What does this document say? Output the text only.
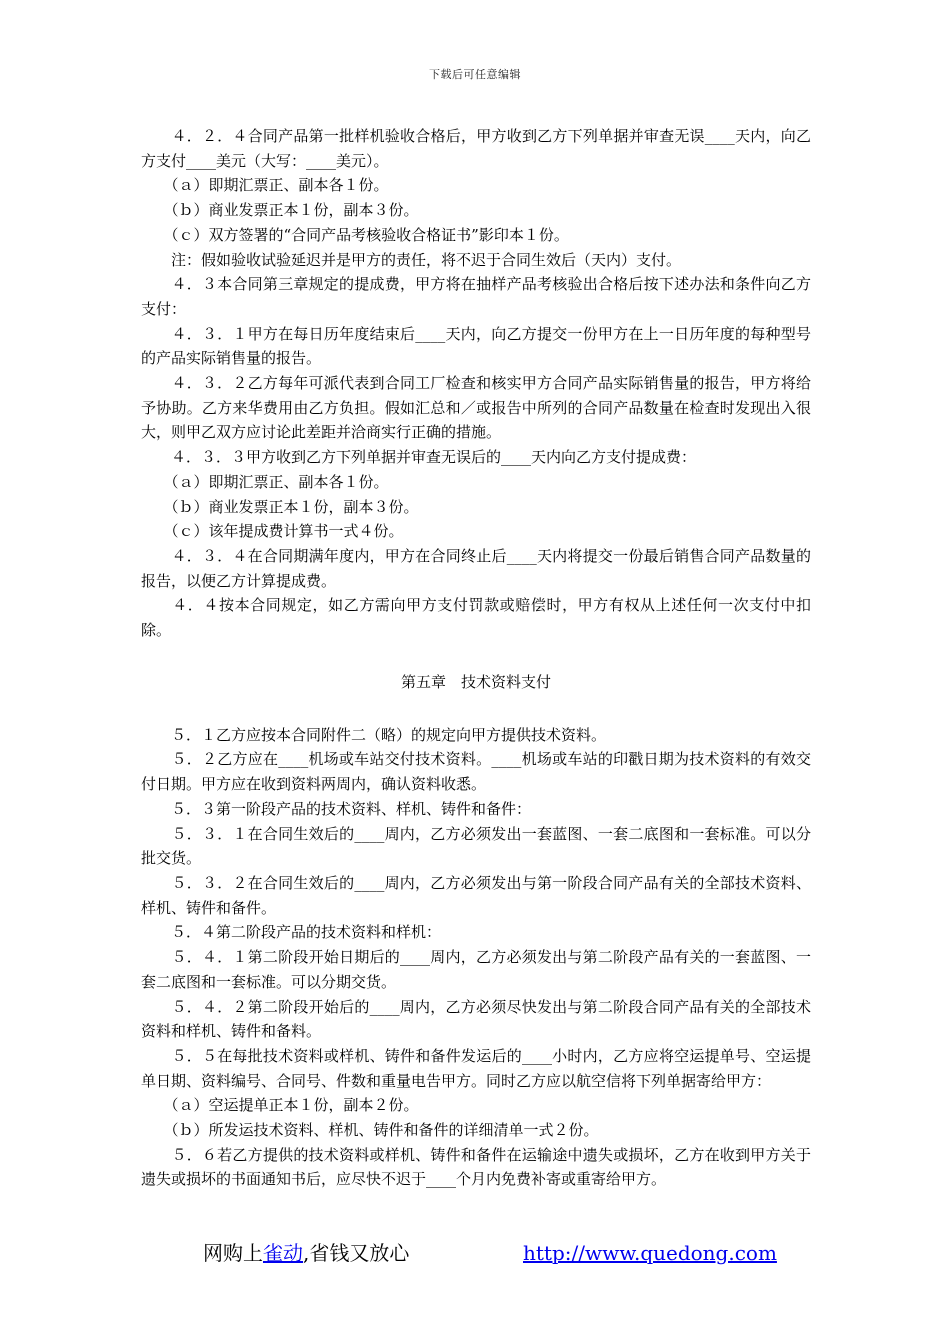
下载后可任意编辑

　　４．２．４合同产品第一批样机验收合格后，甲方收到乙方下列单据并审查无误____天内，向乙方支付____美元（大写：____美元）。

　　（ａ）即期汇票正、副本各１份。

　　（ｂ）商业发票正本１份，副本３份。

　　（ｃ）双方签署的“合同产品考核验收合格证书”影印本１份。

　　注：假如验收试验延迟并是甲方的责任，将不迟于合同生效后（天内）支付。

　　４．３本合同第三章规定的提成费，甲方将在抽样产品考核验出合格后按下述办法和条件向乙方支付：

　　４．３．１甲方在每日历年度结束后____天内，向乙方提交一份甲方在上一日历年度的每种型号的产品实际销售量的报告。

　　４．３．２乙方每年可派代表到合同工厂检查和核实甲方合同产品实际销售量的报告，甲方将给予协助。乙方来华费用由乙方负担。假如汇总和／或报告中所列的合同产品数量在检查时发现出入很大，则甲乙双方应讨论此差距并洽商实行正确的措施。

　　４．３．３甲方收到乙方下列单据并审查无误后的____天内向乙方支付提成费：

　　（ａ）即期汇票正、副本各１份。

　　（ｂ）商业发票正本１份，副本３份。

　　（ｃ）该年提成费计算书一式４份。

　　４．３．４在合同期满年度内，甲方在合同终止后____天内将提交一份最后销售合同产品数量的报告，以便乙方计算提成费。

　　４．４按本合同规定，如乙方需向甲方支付罚款或赔偿时，甲方有权从上述任何一次支付中扣除。

第五章　技术资料支付

　　５．１乙方应按本合同附件二（略）的规定向甲方提供技术资料。

　　５．２乙方应在____机场或车站交付技术资料。____机场或车站的印戳日期为技术资料的有效交付日期。甲方应在收到资料两周内，确认资料收悉。

　　５．３第一阶段产品的技术资料、样机、铸件和备件：

　　５．３．１在合同生效后的____周内，乙方必须发出一套蓝图、一套二底图和一套标准。可以分批交货。

　　５．３．２在合同生效后的____周内，乙方必须发出与第一阶段合同产品有关的全部技术资料、样机、铸件和备件。

　　５．４第二阶段产品的技术资料和样机：

　　５．４．１第二阶段开始日期后的____周内，乙方必须发出与第二阶段产品有关的一套蓝图、一套二底图和一套标准。可以分期交货。

　　５．４．２第二阶段开始后的____周内，乙方必须尽快发出与第二阶段合同产品有关的全部技术资料和样机、铸件和备料。

　　５．５在每批技术资料或样机、铸件和备件发运后的____小时内，乙方应将空运提单号、空运提单日期、资料编号、合同号、件数和重量电告甲方。同时乙方应以航空信将下列单据寄给甲方：

　　（ａ）空运提单正本１份，副本２份。

　　（ｂ）所发运技术资料、样机、铸件和备件的详细清单一式２份。

　　５．６若乙方提供的技术资料或样机、铸件和备件在运输途中遗失或损坏，乙方在收到甲方关于遗失或损坏的书面通知书后，应尽快不迟于____个月内免费补寄或重寄给甲方。

网购上雀动,省钱又放心	http://www.quedong.com
